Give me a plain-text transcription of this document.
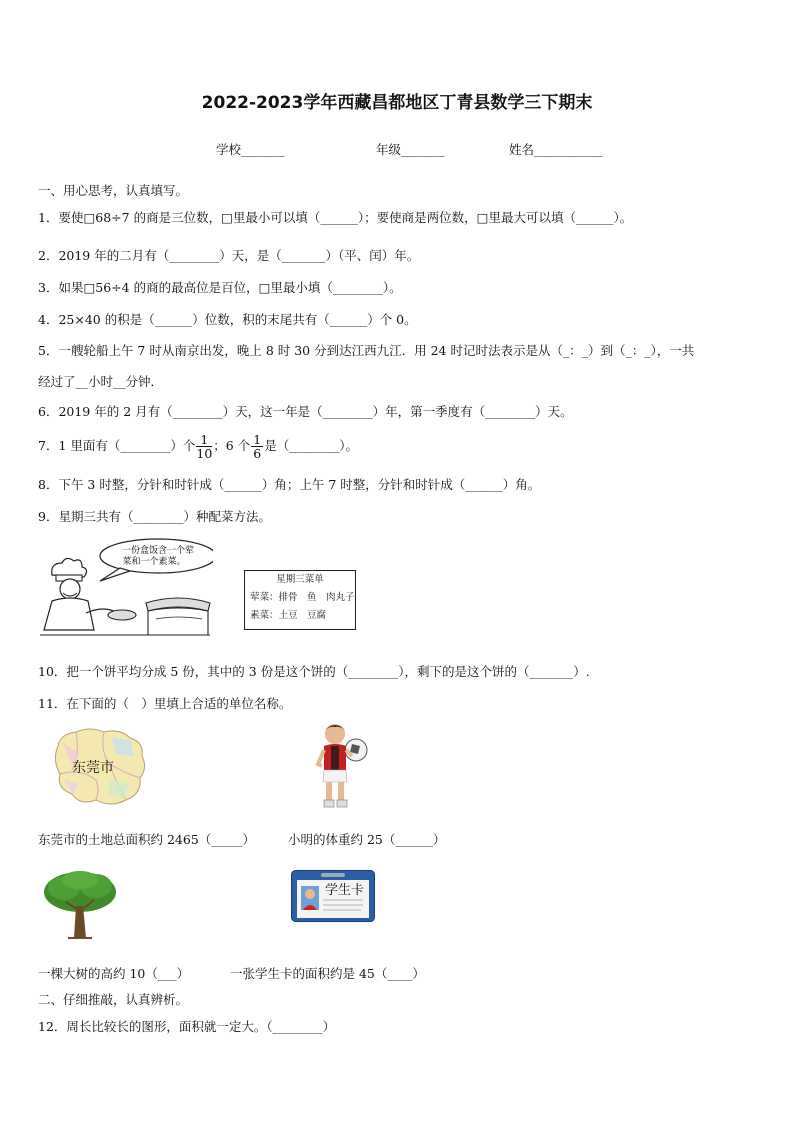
2022-2023学年西藏昌都地区丁青县数学三下期末
学校_______	年级_______	姓名___________
一、用心思考，认真填写。
1．要使□68÷7 的商是三位数，□里最小可以填（______）；要使商是两位数，□里最大可以填（______）。
2．2019 年的二月有（________）天，是（_______）（平、闰）年。
3．如果□56÷4 的商的最高位是百位，□里最小填（________）。
4．25×40 的积是（______）位数，积的末尾共有（______）个 0。
5．一艘轮船上午 7 时从南京出发，晚上 8 时 30 分到达江西九江．用 24 时记时法表示是从（_：_）到（_：_），一共
经过了__小时__分钟．
6．2019 年的 2 月有（________）天，这一年是（________）年，第一季度有（________）天。
7．1 里面有（________）个 $\frac{1}{10}$ ；6 个 $\frac{1}{6}$ 是（________）。
8．下午 3 时整，分针和时针成（______）角；上午 7 时整，分针和时针成（______）角。
9．星期三共有（________）种配菜方法。
一份盒饭含一个荤
菜和一个素菜。
星期三菜单
荤菜：排骨　鱼　肉丸子
素菜：土豆　豆腐
10．把一个饼平均分成 5 份，其中的 3 份是这个饼的（________），剩下的是这个饼的（_______）.
11．在下面的（　）里填上合适的单位名称。
东莞市
东莞市的土地总面积约 2465（_____）	小明的体重约 25（______）
学生卡
一棵大树的高约 10（___）	一张学生卡的面积约是 45（____）
二、仔细推敲，认真辨析。
12．周长比较长的图形，面积就一定大。（________）
